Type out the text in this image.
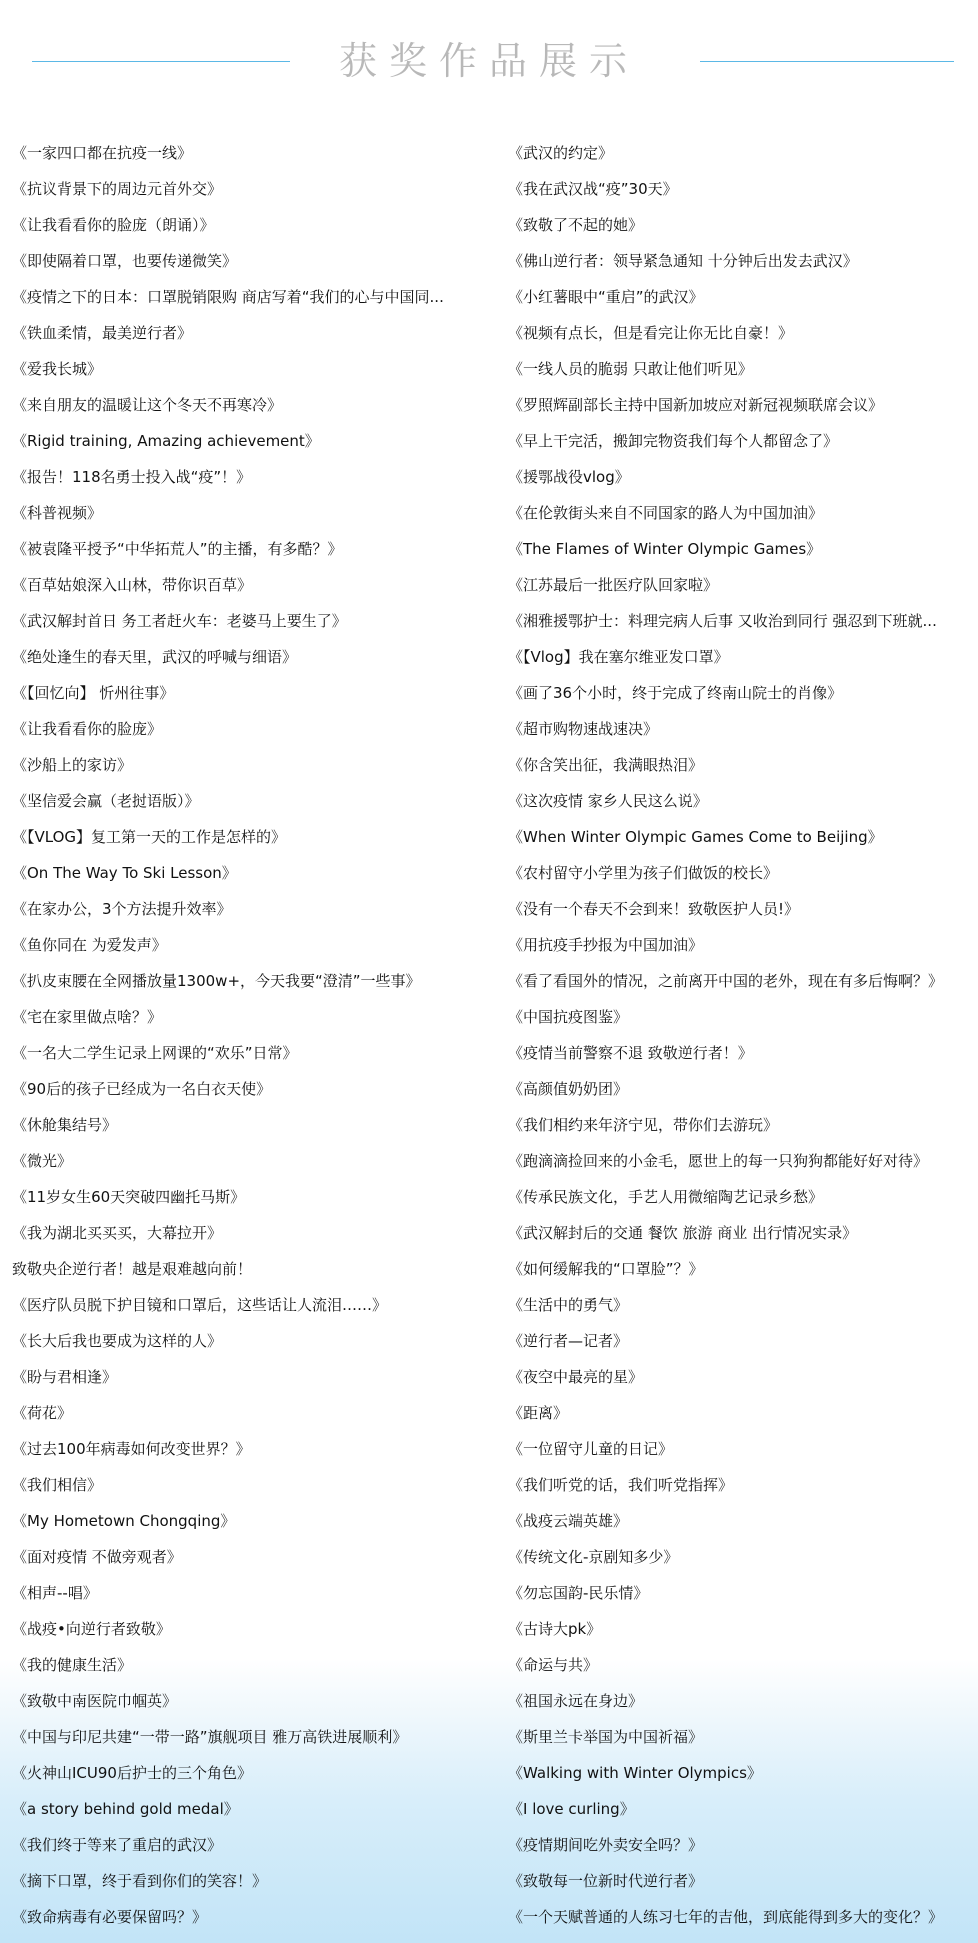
获奖作品展示
《一家四口都在抗疫一线》
《抗议背景下的周边元首外交》
《让我看看你的脸庞（朗诵）》
《即使隔着口罩，也要传递微笑》
《疫情之下的日本：口罩脱销限购 商店写着“我们的心与中国同...
《铁血柔情，最美逆行者》
《爱我长城》
《来自朋友的温暖让这个冬天不再寒冷》
《Rigid training, Amazing achievement》
《报告！118名勇士投入战“疫”！》
《科普视频》
《被袁隆平授予“中华拓荒人”的主播，有多酷？》
《百草姑娘深入山林，带你识百草》
《武汉解封首日 务工者赶火车：老婆马上要生了》
《绝处逢生的春天里，武汉的呼喊与细语》
《【回忆向】 忻州往事》
《让我看看你的脸庞》
《沙船上的家访》
《坚信爱会赢（老挝语版）》
《【VLOG】复工第一天的工作是怎样的》
《On The Way To Ski Lesson》
《在家办公，3个方法提升效率》
《鱼你同在 为爱发声》
《扒皮束腰在全网播放量1300w+，今天我要“澄清”一些事》
《宅在家里做点啥？》
《一名大二学生记录上网课的“欢乐”日常》
《90后的孩子已经成为一名白衣天使》
《休舱集结号》
《微光》
《11岁女生60天突破四幽托马斯》
《我为湖北买买买，大幕拉开》
致敬央企逆行者！越是艰难越向前！
《医疗队员脱下护目镜和口罩后，这些话让人流泪……》
《长大后我也要成为这样的人》
《盼与君相逢》
《荷花》
《过去100年病毒如何改变世界？》
《我们相信》
《My Hometown Chongqing》
《面对疫情 不做旁观者》
《相声--唱》
《战疫•向逆行者致敬》
《我的健康生活》
《致敬中南医院巾帼英》
《中国与印尼共建“一带一路”旗舰项目 雅万高铁进展顺利》
《火神山ICU90后护士的三个角色》
《a story behind gold medal》
《我们终于等来了重启的武汉》
《摘下口罩，终于看到你们的笑容！》
《致命病毒有必要保留吗？》
《武汉的约定》
《我在武汉战“疫”30天》
《致敬了不起的她》
《佛山逆行者：领导紧急通知 十分钟后出发去武汉》
《小红薯眼中“重启”的武汉》
《视频有点长，但是看完让你无比自豪！》
《一线人员的脆弱 只敢让他们听见》
《罗照辉副部长主持中国新加坡应对新冠视频联席会议》
《早上干完活，搬卸完物资我们每个人都留念了》
《援鄂战役vlog》
《在伦敦街头来自不同国家的路人为中国加油》
《The Flames of Winter Olympic Games》
《江苏最后一批医疗队回家啦》
《湘雅援鄂护士：料理完病人后事 又收治到同行 强忍到下班就...
《【Vlog】我在塞尔维亚发口罩》
《画了36个小时，终于完成了终南山院士的肖像》
《超市购物速战速决》
《你含笑出征，我满眼热泪》
《这次疫情 家乡人民这么说》
《When Winter Olympic Games Come to Beijing》
《农村留守小学里为孩子们做饭的校长》
《没有一个春天不会到来！致敬医护人员!》
《用抗疫手抄报为中国加油》
《看了看国外的情况，之前离开中国的老外，现在有多后悔啊？》
《中国抗疫图鉴》
《疫情当前警察不退 致敬逆行者！》
《高颜值奶奶团》
《我们相约来年济宁见，带你们去游玩》
《跑滴滴捡回来的小金毛，愿世上的每一只狗狗都能好好对待》
《传承民族文化，手艺人用微缩陶艺记录乡愁》
《武汉解封后的交通 餐饮 旅游 商业 出行情况实录》
《如何缓解我的“口罩脸”？》
《生活中的勇气》
《逆行者—记者》
《夜空中最亮的星》
《距离》
《一位留守儿童的日记》
《我们听党的话，我们听党指挥》
《战疫云端英雄》
《传统文化-京剧知多少》
《勿忘国韵-民乐情》
《古诗大pk》
《命运与共》
《祖国永远在身边》
《斯里兰卡举国为中国祈福》
《Walking with Winter Olympics》
《I love curling》
《疫情期间吃外卖安全吗？》
《致敬每一位新时代逆行者》
《一个天赋普通的人练习七年的吉他，到底能得到多大的变化？》
